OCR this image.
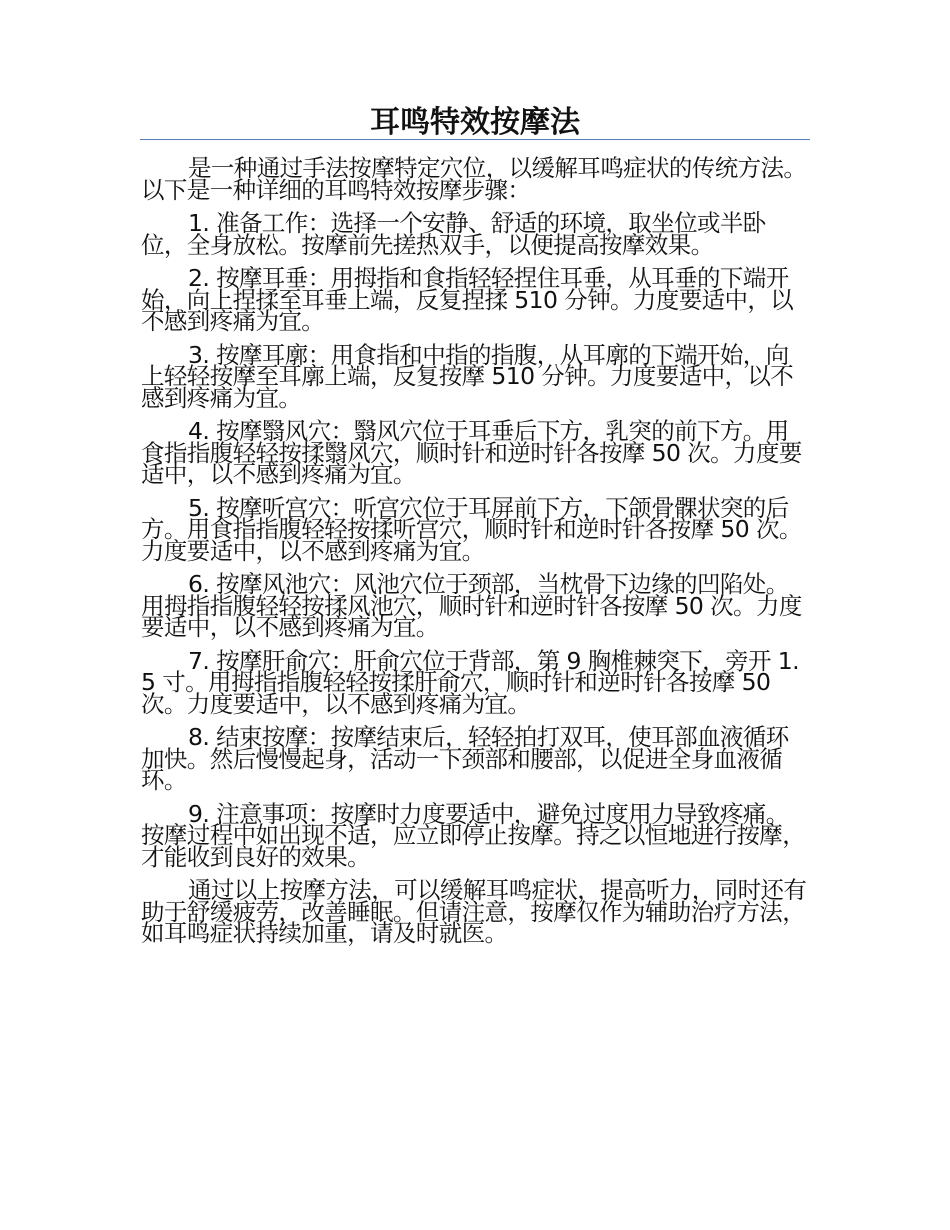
耳鸣特效按摩法

是一种通过手法按摩特定穴位，以缓解耳鸣症状的传统方法。以下是一种详细的耳鸣特效按摩步骤：

1. 准备工作：选择一个安静、舒适的环境，取坐位或半卧位，全身放松。按摩前先搓热双手，以便提高按摩效果。

2. 按摩耳垂：用拇指和食指轻轻捏住耳垂，从耳垂的下端开始，向上捏揉至耳垂上端，反复捏揉 510 分钟。力度要适中，以不感到疼痛为宜。

3. 按摩耳廓：用食指和中指的指腹，从耳廓的下端开始，向上轻轻按摩至耳廓上端，反复按摩 510 分钟。力度要适中，以不感到疼痛为宜。

4. 按摩翳风穴：翳风穴位于耳垂后下方，乳突的前下方。用食指指腹轻轻按揉翳风穴，顺时针和逆时针各按摩 50 次。力度要适中，以不感到疼痛为宜。

5. 按摩听宫穴：听宫穴位于耳屏前下方，下颌骨髁状突的后方。用食指指腹轻轻按揉听宫穴，顺时针和逆时针各按摩 50 次。力度要适中，以不感到疼痛为宜。

6. 按摩风池穴：风池穴位于颈部，当枕骨下边缘的凹陷处。用拇指指腹轻轻按揉风池穴，顺时针和逆时针各按摩 50 次。力度要适中，以不感到疼痛为宜。

7. 按摩肝俞穴：肝俞穴位于背部，第 9 胸椎棘突下，旁开 1.5 寸。用拇指指腹轻轻按揉肝俞穴，顺时针和逆时针各按摩 50 次。力度要适中，以不感到疼痛为宜。

8. 结束按摩：按摩结束后，轻轻拍打双耳，使耳部血液循环加快。然后慢慢起身，活动一下颈部和腰部，以促进全身血液循环。

9. 注意事项：按摩时力度要适中，避免过度用力导致疼痛。按摩过程中如出现不适，应立即停止按摩。持之以恒地进行按摩，才能收到良好的效果。

通过以上按摩方法，可以缓解耳鸣症状，提高听力，同时还有助于舒缓疲劳，改善睡眠。但请注意，按摩仅作为辅助治疗方法，如耳鸣症状持续加重，请及时就医。
